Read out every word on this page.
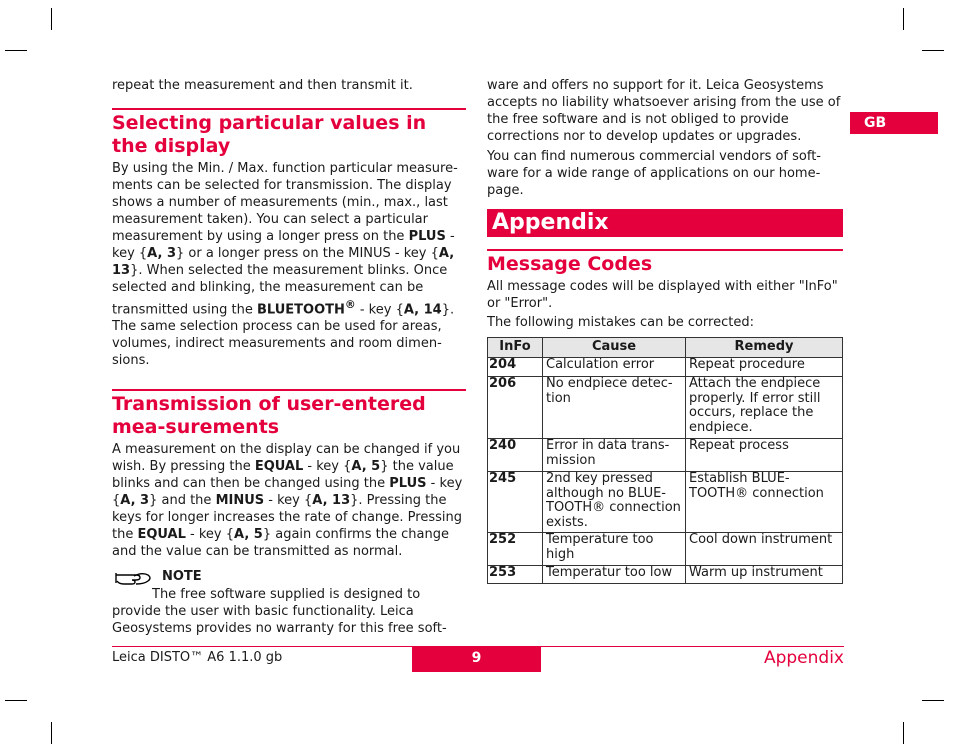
repeat the measurement and then transmit it.

Selecting particular values in the display

By using the Min. / Max. function particular measure-ments can be selected for transmission. The display shows a number of measurements (min., max., last measurement taken). You can select a particular measurement by using a longer press on the PLUS - key {A, 3} or a longer press on the MINUS - key {A, 13}. When selected the measurement blinks. Once selected and blinking, the measurement can be transmitted using the BLUETOOTH® - key {A, 14}. The same selection process can be used for areas, volumes, indirect measurements and room dimen-sions.

Transmission of user-entered mea-surements

A measurement on the display can be changed if you wish. By pressing the EQUAL - key {A, 5} the value blinks and can then be changed using the PLUS - key {A, 3} and the MINUS - key {A, 13}. Pressing the keys for longer increases the rate of change. Pressing the EQUAL - key {A, 5} again confirms the change and the value can be transmitted as normal.

NOTE

The free software supplied is designed to

provide the user with basic functionality. Leica Geosystems provides no warranty for this free soft-

ware and offers no support for it. Leica Geosystems accepts no liability whatsoever arising from the use of the free software and is not obliged to provide corrections nor to develop updates or upgrades.

You can find numerous commercial vendors of soft-ware for a wide range of applications on our home-page.

Appendix
Message Codes

All message codes will be displayed with either "InFo" or "Error".

The following mistakes can be corrected:

InFo	Cause	Remedy
204	Calculation error	Repeat procedure
206	No endpiece detec-tion	Attach the endpiece properly. If error still occurs, replace the endpiece.
240	Error in data trans-mission	Repeat process
245	2nd key pressed although no BLUE-TOOTH® connection exists.	Establish BLUE-TOOTH® connection
252	Temperature too high	Cool down instrument
253	Temperatur too low	Warm up instrument
GB
Leica DISTO™ A6 1.1.0 gb	9	Appendix
